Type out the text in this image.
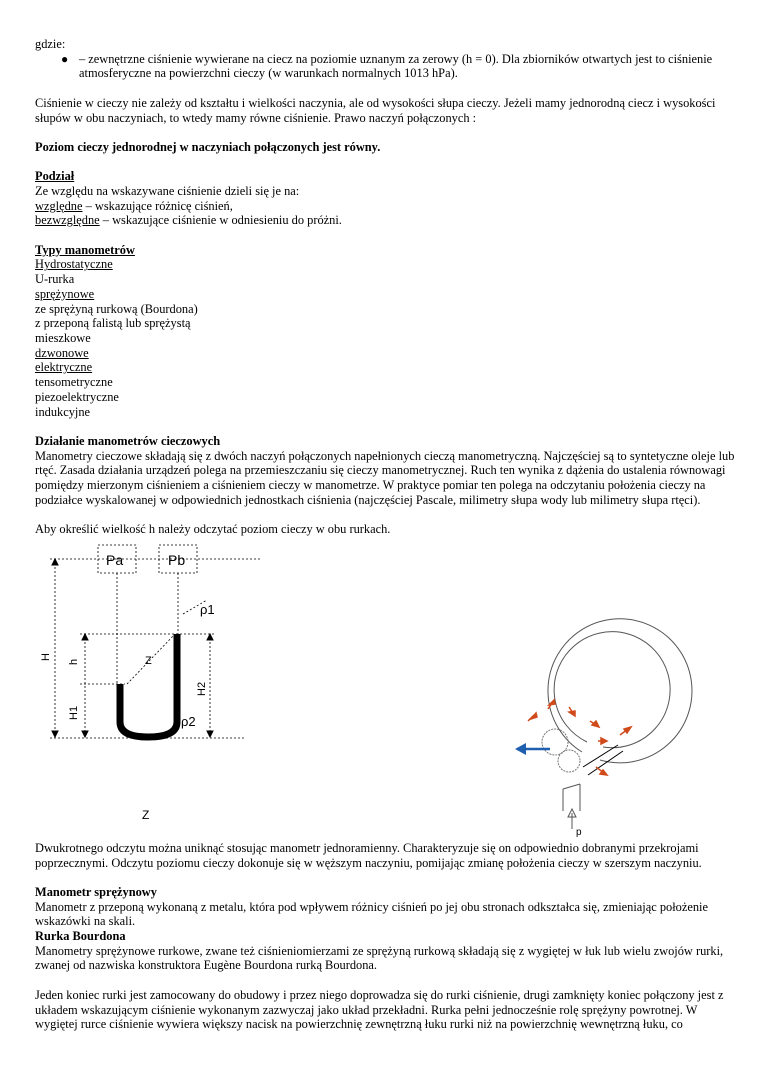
gdzie:

● – zewnętrzne ciśnienie wywierane na ciecz na poziomie uznanym za zerowy (h = 0). Dla zbiorników otwartych jest to ciśnienie atmosferyczne na powierzchni cieczy (w warunkach normalnych 1013 hPa).

Ciśnienie w cieczy nie zależy od kształtu i wielkości naczynia, ale od wysokości słupa cieczy. Jeżeli mamy jednorodną ciecz i wysokości słupów w obu naczyniach, to wtedy mamy równe ciśnienie. Prawo naczyń połączonych :

Poziom cieczy jednorodnej w naczyniach połączonych jest równy.

Podział

Ze względu na wskazywane ciśnienie dzieli się je na:

względne – wskazujące różnicę ciśnień,

bezwzględne – wskazujące ciśnienie w odniesieniu do próżni.

Typy manometrów

Hydrostatyczne

U-rurka

sprężynowe

ze sprężyną rurkową (Bourdona)

z przeponą falistą lub sprężystą

mieszkowe

dzwonowe

elektryczne

tensometryczne

piezoelektryczne

indukcyjne

Działanie manometrów cieczowych

Manometry cieczowe składają się z dwóch naczyń połączonych napełnionych cieczą manometryczną. Najczęściej są to syntetyczne oleje lub rtęć. Zasada działania urządzeń polega na przemieszczaniu się cieczy manometrycznej. Ruch ten wynika z dążenia do ustalenia równowagi pomiędzy mierzonym ciśnieniem a ciśnieniem cieczy w manometrze. W praktyce pomiar ten polega na odczytaniu położenia cieczy na podziałce wyskalowanej w odpowiednich jednostkach ciśnienia (najczęściej Pascale, milimetry słupa wody lub milimetry słupa rtęci).

Aby określić wielkość h należy odczytać poziom cieczy w obu rurkach.

Pa	Pb
ρ1
ρ2
Z
Z
H
h
H1
H2
p

Dwukrotnego odczytu można uniknąć stosując manometr jednoramienny. Charakteryzuje się on odpowiednio dobranymi przekrojami poprzecznymi. Odczytu poziomu cieczy dokonuje się w węższym naczyniu, pomijając zmianę położenia cieczy w szerszym naczyniu.

Manometr sprężynowy

Manometr z przeponą wykonaną z metalu, która pod wpływem różnicy ciśnień po jej obu stronach odkształca się, zmieniając położenie wskazówki na skali.

Rurka Bourdona

Manometry sprężynowe rurkowe, zwane też ciśnieniomierzami ze sprężyną rurkową składają się z wygiętej w łuk lub wielu zwojów rurki, zwanej od nazwiska konstruktora Eugène Bourdona rurką Bourdona.

Jeden koniec rurki jest zamocowany do obudowy i przez niego doprowadza się do rurki ciśnienie, drugi zamknięty koniec połączony jest z układem wskazującym ciśnienie wykonanym zazwyczaj jako układ przekładni. Rurka pełni jednocześnie rolę sprężyny powrotnej. W wygiętej rurce ciśnienie wywiera większy nacisk na powierzchnię zewnętrzną łuku rurki niż na powierzchnię wewnętrzną łuku, co
